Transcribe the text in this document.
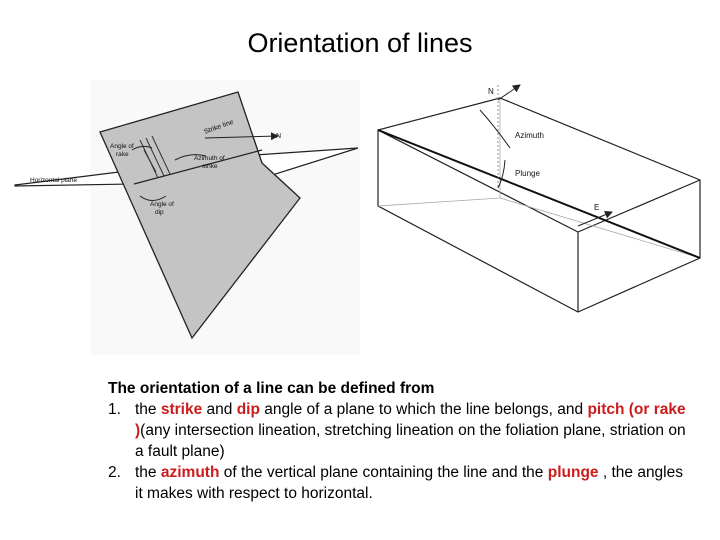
Orientation of lines
Strike line
N
Angle of
rake
Azimuth of
strike
Horizontal plane
Angle of
dip
N
Azimuth
Plunge
E
The orientation of a line can be defined from
1. the strike and dip angle of a plane to which the line belongs, and pitch (or rake )(any intersection lineation, stretching lineation on the foliation plane, striation on a fault plane)
2. the azimuth of the vertical plane containing the line and the plunge , the angles it makes with respect to horizontal.
